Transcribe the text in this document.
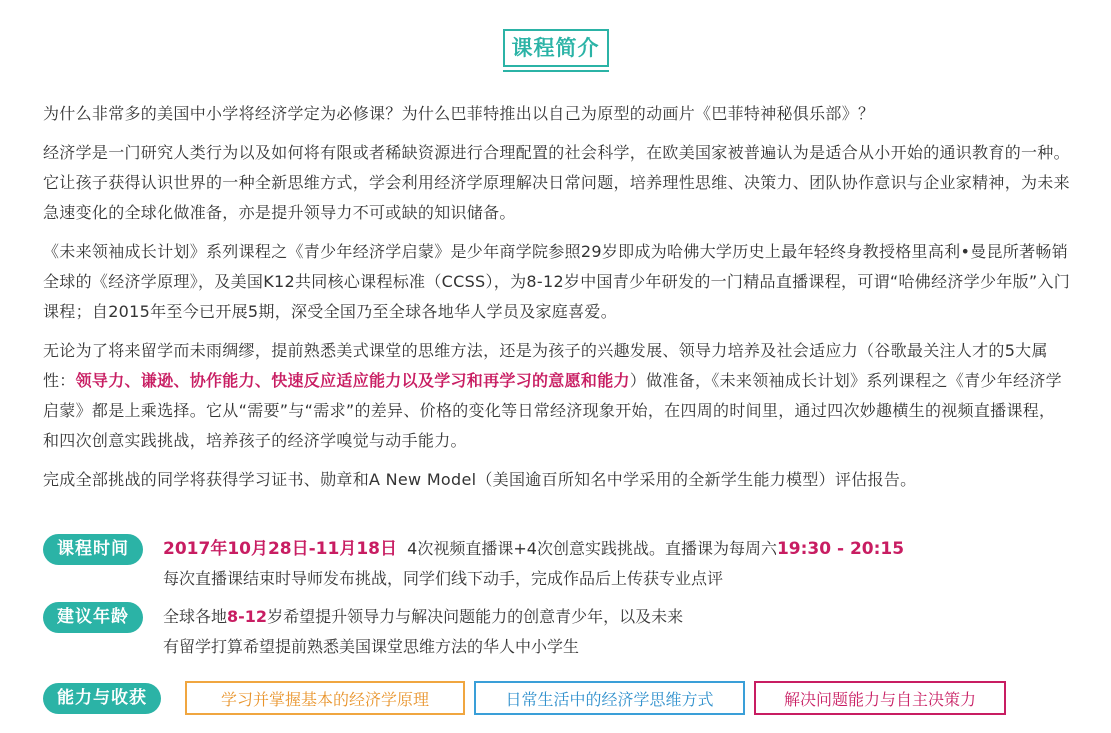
课程简介

为什么非常多的美国中小学将经济学定为必修课？为什么巴菲特推出以自己为原型的动画片《巴菲特神秘俱乐部》？

经济学是一门研究人类行为以及如何将有限或者稀缺资源进行合理配置的社会科学，在欧美国家被普遍认为是适合从小开始的通识教育的一种。它让孩子获得认识世界的一种全新思维方式，学会利用经济学原理解决日常问题，培养理性思维、决策力、团队协作意识与企业家精神，为未来急速变化的全球化做准备，亦是提升领导力不可或缺的知识储备。

《未来领袖成长计划》系列课程之《青少年经济学启蒙》是少年商学院参照29岁即成为哈佛大学历史上最年轻终身教授格里高利•曼昆所著畅销全球的《经济学原理》，及美国K12共同核心课程标准（CCSS），为8-12岁中国青少年研发的一门精品直播课程，可谓“哈佛经济学少年版”入门课程；自2015年至今已开展5期，深受全国乃至全球各地华人学员及家庭喜爱。

无论为了将来留学而未雨绸缪，提前熟悉美式课堂的思维方法，还是为孩子的兴趣发展、领导力培养及社会适应力（谷歌最关注人才的5大属性：领导力、谦逊、协作能力、快速反应适应能力以及学习和再学习的意愿和能力）做准备，《未来领袖成长计划》系列课程之《青少年经济学启蒙》都是上乘选择。它从“需要”与“需求”的差异、价格的变化等日常经济现象开始，在四周的时间里，通过四次妙趣横生的视频直播课程，和四次创意实践挑战，培养孩子的经济学嗅觉与动手能力。

完成全部挑战的同学将获得学习证书、勋章和A New Model（美国逾百所知名中学采用的全新学生能力模型）评估报告。

课程时间	2017年10月28日-11月18日 4次视频直播课+4次创意实践挑战。直播课为每周六19:30 - 20:15
每次直播课结束时导师发布挑战，同学们线下动手，完成作品后上传获专业点评
建议年龄	全球各地8-12岁希望提升领导力与解决问题能力的创意青少年，以及未来
有留学打算希望提前熟悉美国课堂思维方法的华人中小学生
能力与收获	学习并掌握基本的经济学原理	日常生活中的经济学思维方式	解决问题能力与自主决策力
